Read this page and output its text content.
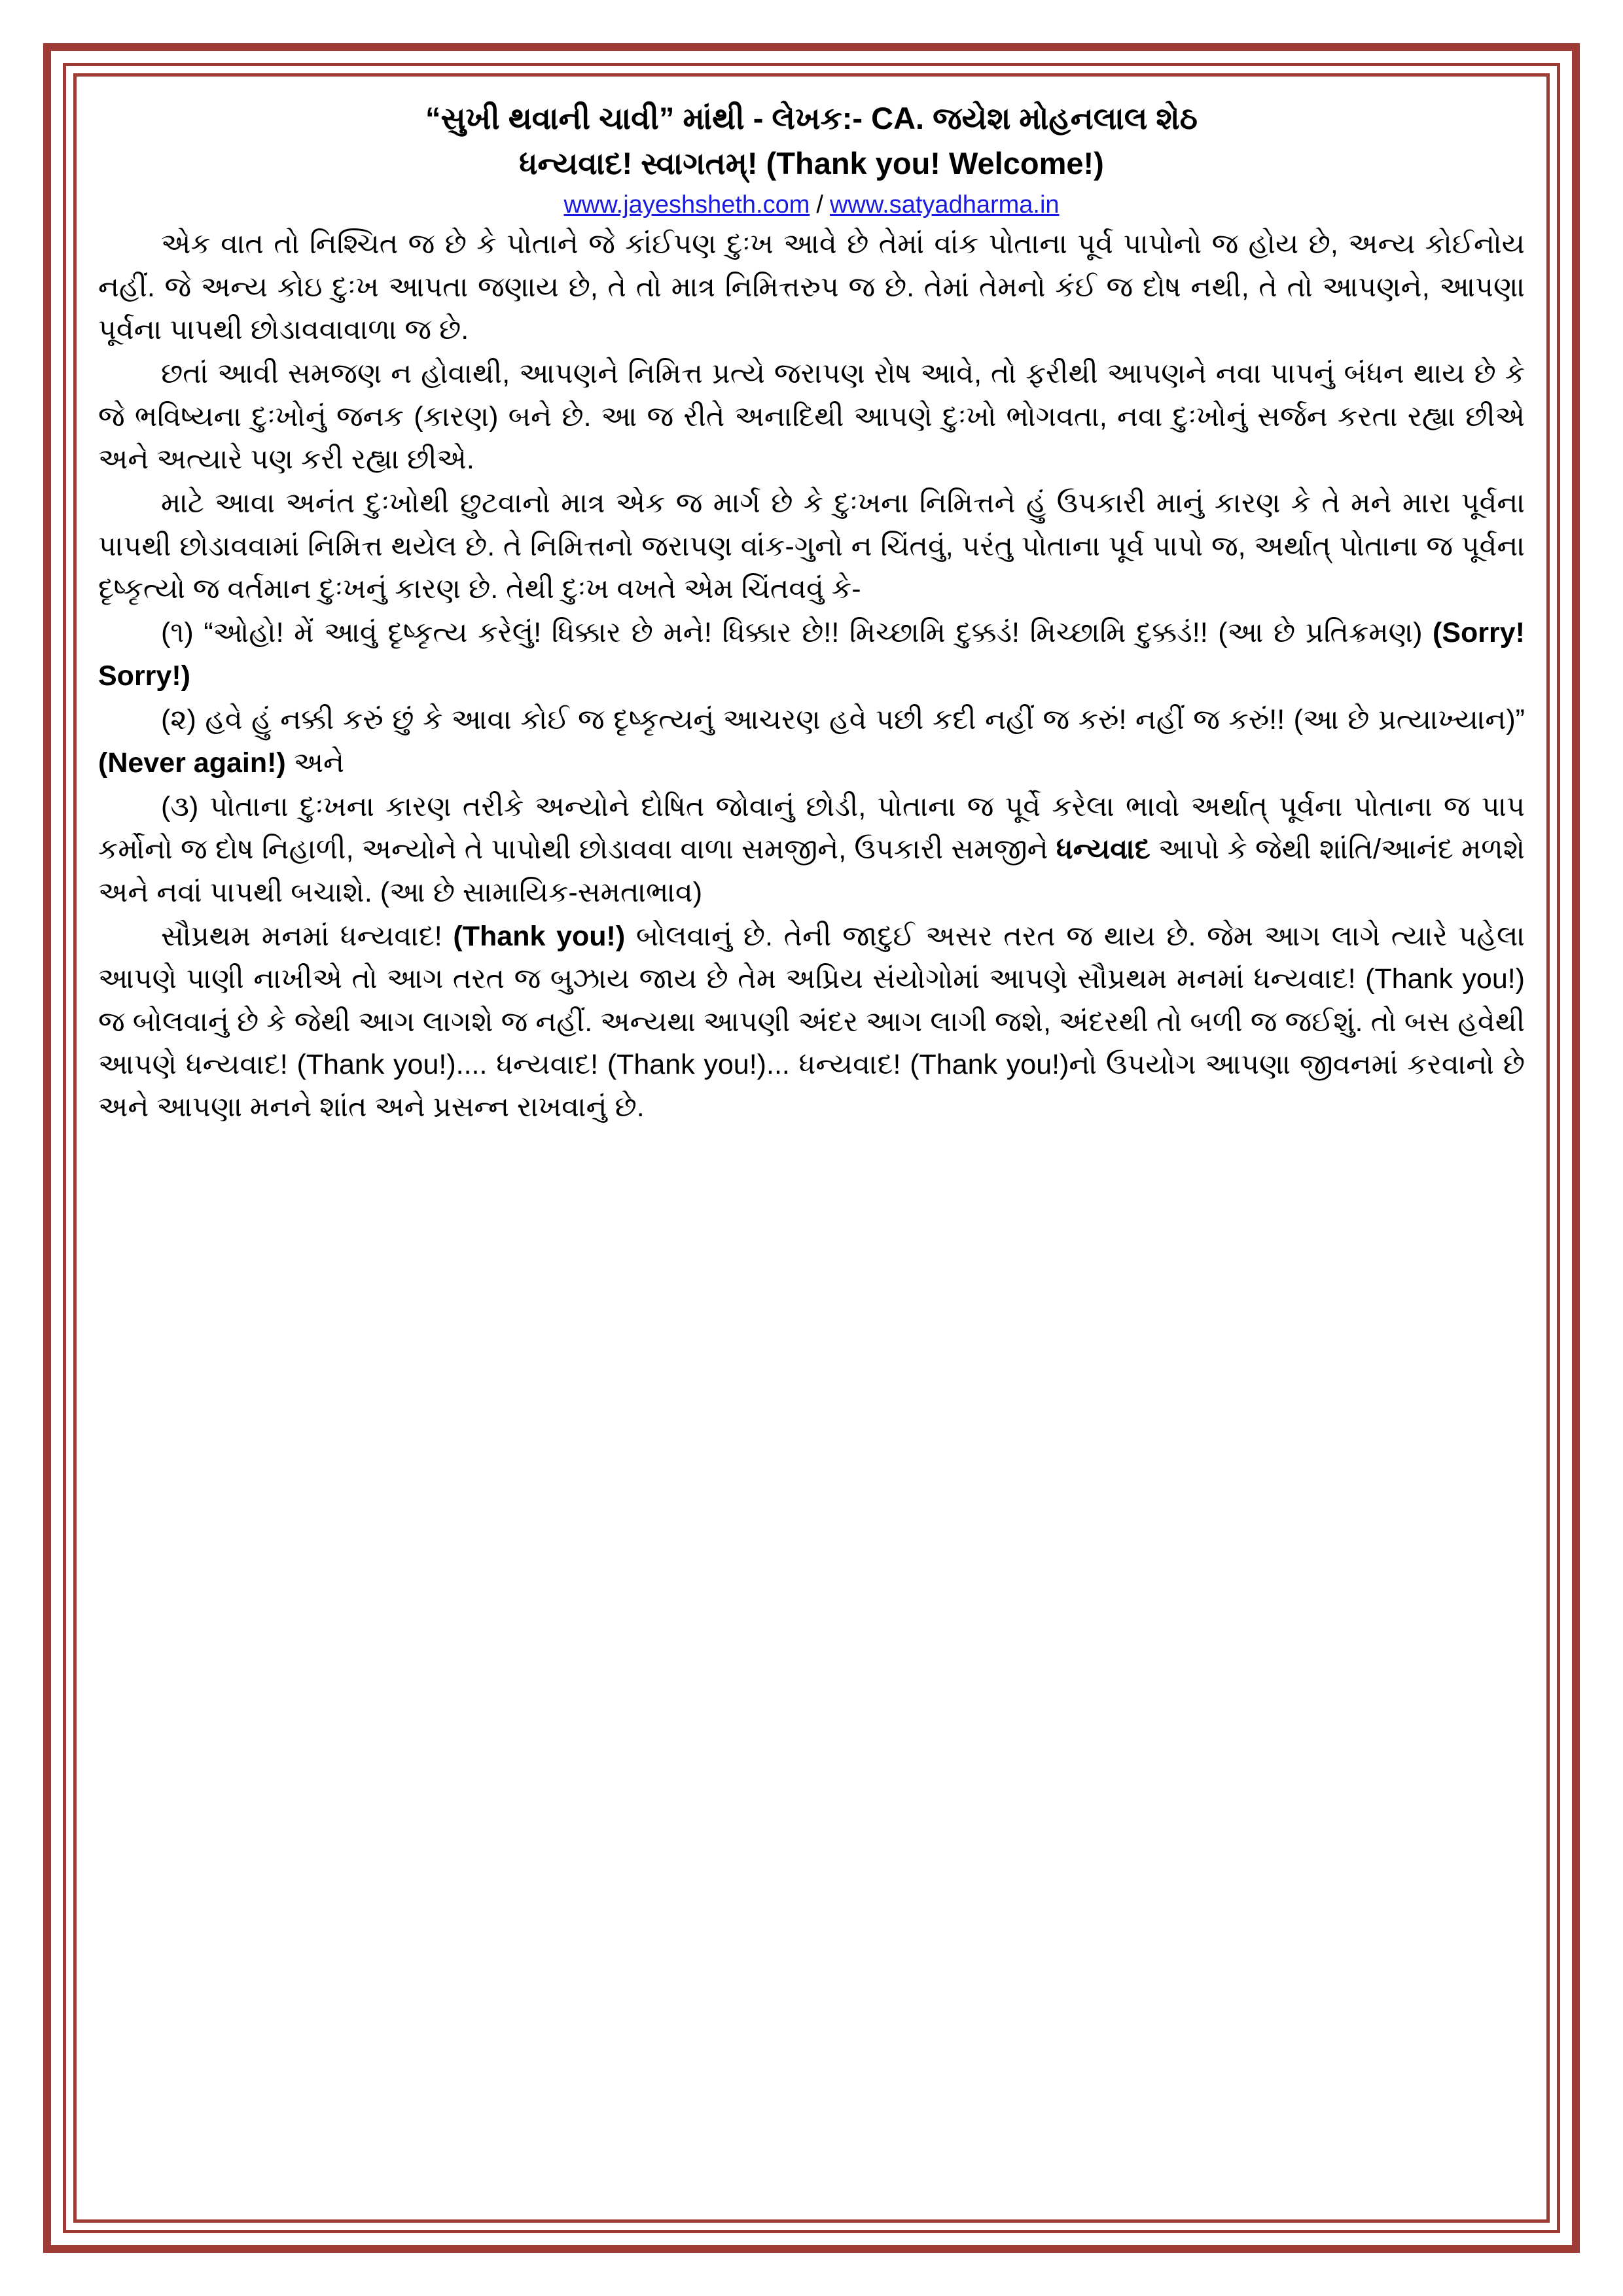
“સુખી થવાની ચાવી” માંથી - લેખક:- CA. જયેશ મોહનલાલ શેઠ
ધન્યવાદ! સ્વાગતમ્! (Thank you! Welcome!)
www.jayeshsheth.com / www.satyadharma.in

એક વાત તો નિશ્ચિત જ છે કે પોતાને જે કાંઈપણ દુઃખ આવે છે તેમાં વાંક પોતાના પૂર્વ પાપોનો જ હોય છે, અન્ય કોઈનોય નહીં. જે અન્ય કોઇ દુઃખ આપતા જણાય છે, તે તો માત્ર નિમિત્તરુપ જ છે. તેમાં તેમનો કંઈ જ દોષ નથી, તે તો આપણને, આપણા પૂર્વના પાપથી છોડાવવાવાળા જ છે.

છતાં આવી સમજણ ન હોવાથી, આપણને નિમિત્ત પ્રત્યે જરાપણ રોષ આવે, તો ફરીથી આપણને નવા પાપનું બંધન થાય છે કે જે ભવિષ્યના દુઃખોનું જનક (કારણ) બને છે. આ જ રીતે અનાદિથી આપણે દુઃખો ભોગવતા, નવા દુઃખોનું સર્જન કરતા રહ્યા છીએ અને અત્યારે પણ કરી રહ્યા છીએ.

માટે આવા અનંત દુઃખોથી છુટવાનો માત્ર એક જ માર્ગ છે કે દુઃખના નિમિત્તને હું ઉપકારી માનું કારણ કે તે મને મારા પૂર્વના પાપથી છોડાવવામાં નિમિત્ત થયેલ છે. તે નિમિત્તનો જરાપણ વાંક-ગુનો ન ચિંતવું, પરંતુ પોતાના પૂર્વ પાપો જ, અર્થાત્ પોતાના જ પૂર્વના દૃષ્કૃત્યો જ વર્તમાન દુઃખનું કારણ છે. તેથી દુઃખ વખતે એમ ચિંતવવું કે-

(૧) “ઓહો! મેં આવું દૃષ્કૃત્ય કરેલું! ધિક્કાર છે મને! ધિક્કાર છે!! મિચ્છામિ દુક્કડં! મિચ્છામિ દુક્કડં!! (આ છે પ્રતિક્રમણ) (Sorry! Sorry!)

(૨) હવે હું નક્કી કરું છું કે આવા કોઈ જ દૃષ્કૃત્યનું આચરણ હવે પછી કદી નહીં જ કરું! નહીં જ કરું!! (આ છે પ્રત્યાખ્યાન)” (Never again!) અને

(૩) પોતાના દુઃખના કારણ તરીકે અન્યોને દોષિત જોવાનું છોડી, પોતાના જ પૂર્વે કરેલા ભાવો અર્થાત્ પૂર્વના પોતાના જ પાપ કર્મોનો જ દોષ નિહાળી, અન્યોને તે પાપોથી છોડાવવા વાળા સમજીને, ઉપકારી સમજીને ધન્યવાદ આપો કે જેથી શાંતિ/આનંદ મળશે અને નવાં પાપથી બચાશે. (આ છે સામાયિક-સમતાભાવ)

સૌપ્રથમ મનમાં ધન્યવાદ! (Thank you!) બોલવાનું છે. તેની જાદુઈ અસર તરત જ થાય છે. જેમ આગ લાગે ત્યારે પહેલા આપણે પાણી નાખીએ તો આગ તરત જ બુઝાય જાય છે તેમ અપ્રિય સંયોગોમાં આપણે સૌપ્રથમ મનમાં ધન્યવાદ! (Thank you!) જ બોલવાનું છે કે જેથી આગ લાગશે જ નહીં. અન્યથા આપણી અંદર આગ લાગી જશે, અંદરથી તો બળી જ જઈશું. તો બસ હવેથી આપણે ધન્યવાદ! (Thank you!).... ધન્યવાદ! (Thank you!)... ધન્યવાદ! (Thank you!)નો ઉપયોગ આપણા જીવનમાં કરવાનો છે અને આપણા મનને શાંત અને પ્રસન્ન રાખવાનું છે.
